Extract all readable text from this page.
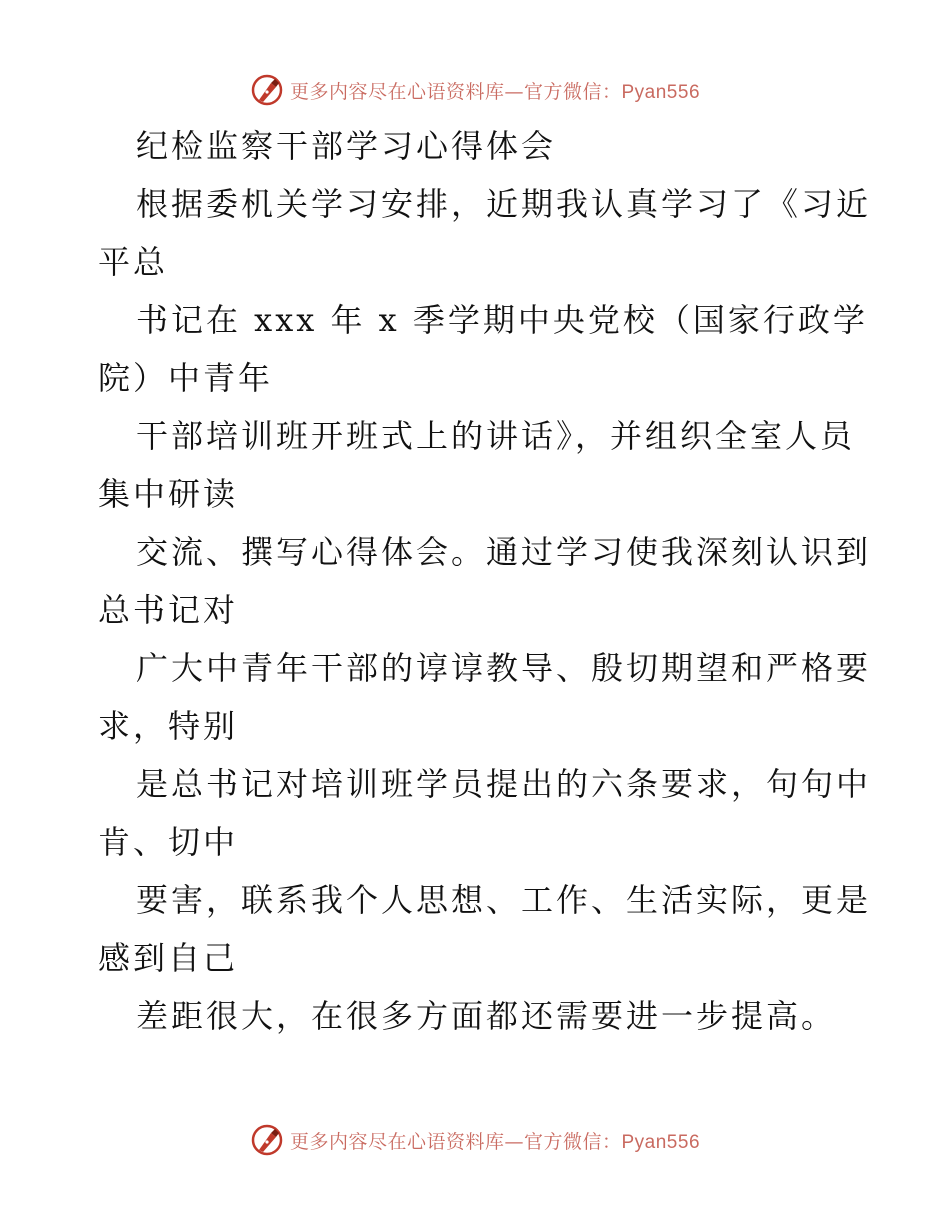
更多内容尽在心语资料库—官方微信：Pyan556
纪检监察干部学习心得体会
根据委机关学习安排，近期我认真学习了《习近
平总
书记在 xxx 年 x 季学期中央党校（国家行政学
院）中青年
干部培训班开班式上的讲话》，并组织全室人员
集中研读
交流、撰写心得体会。通过学习使我深刻认识到
总书记对
广大中青年干部的谆谆教导、殷切期望和严格要
求，特别
是总书记对培训班学员提出的六条要求，句句中
肯、切中
要害，联系我个人思想、工作、生活实际，更是
感到自己
差距很大，在很多方面都还需要进一步提高。
更多内容尽在心语资料库—官方微信：Pyan556
